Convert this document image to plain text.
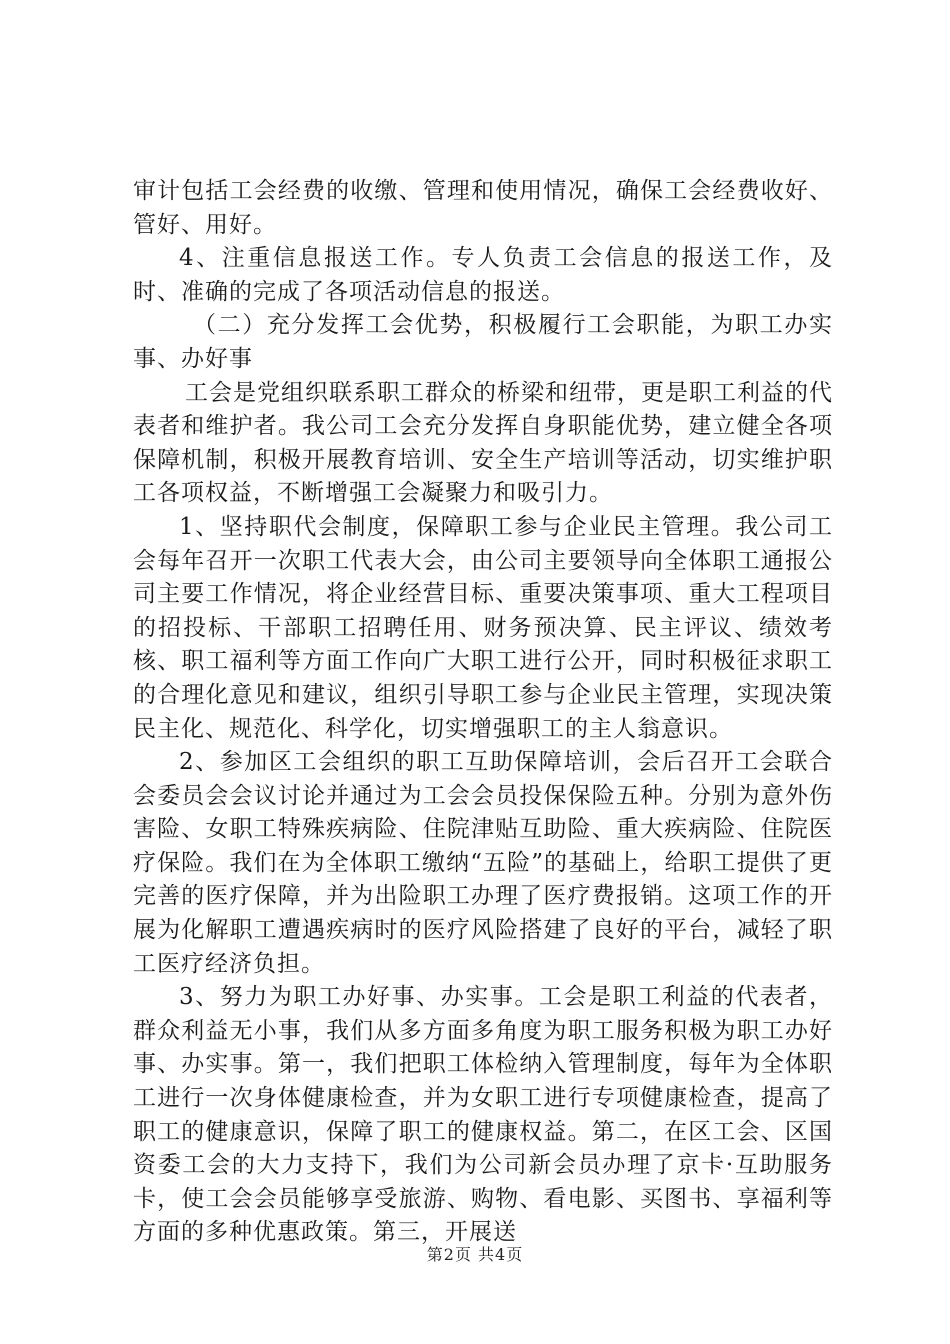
审计包括工会经费的收缴、管理和使用情况，确保工会经费收好、管好、用好。

4、注重信息报送工作。专人负责工会信息的报送工作，及时、准确的完成了各项活动信息的报送。

（二）充分发挥工会优势，积极履行工会职能，为职工办实事、办好事

工会是党组织联系职工群众的桥梁和纽带，更是职工利益的代表者和维护者。我公司工会充分发挥自身职能优势，建立健全各项保障机制，积极开展教育培训、安全生产培训等活动，切实维护职工各项权益，不断增强工会凝聚力和吸引力。

1、坚持职代会制度，保障职工参与企业民主管理。我公司工会每年召开一次职工代表大会，由公司主要领导向全体职工通报公司主要工作情况，将企业经营目标、重要决策事项、重大工程项目的招投标、干部职工招聘任用、财务预决算、民主评议、绩效考核、职工福利等方面工作向广大职工进行公开，同时积极征求职工的合理化意见和建议，组织引导职工参与企业民主管理，实现决策民主化、规范化、科学化，切实增强职工的主人翁意识。

2、参加区工会组织的职工互助保障培训，会后召开工会联合会委员会会议讨论并通过为工会会员投保保险五种。分别为意外伤害险、女职工特殊疾病险、住院津贴互助险、重大疾病险、住院医疗保险。我们在为全体职工缴纳“五险”的基础上，给职工提供了更完善的医疗保障，并为出险职工办理了医疗费报销。这项工作的开展为化解职工遭遇疾病时的医疗风险搭建了良好的平台，减轻了职工医疗经济负担。

3、努力为职工办好事、办实事。工会是职工利益的代表者，群众利益无小事，我们从多方面多角度为职工服务积极为职工办好事、办实事。第一，我们把职工体检纳入管理制度，每年为全体职工进行一次身体健康检查，并为女职工进行专项健康检查，提高了职工的健康意识，保障了职工的健康权益。第二，在区工会、区国资委工会的大力支持下，我们为公司新会员办理了京卡·互助服务卡，使工会会员能够享受旅游、购物、看电影、买图书、享福利等方面的多种优惠政策。第三，开展送

第2页 共4页
